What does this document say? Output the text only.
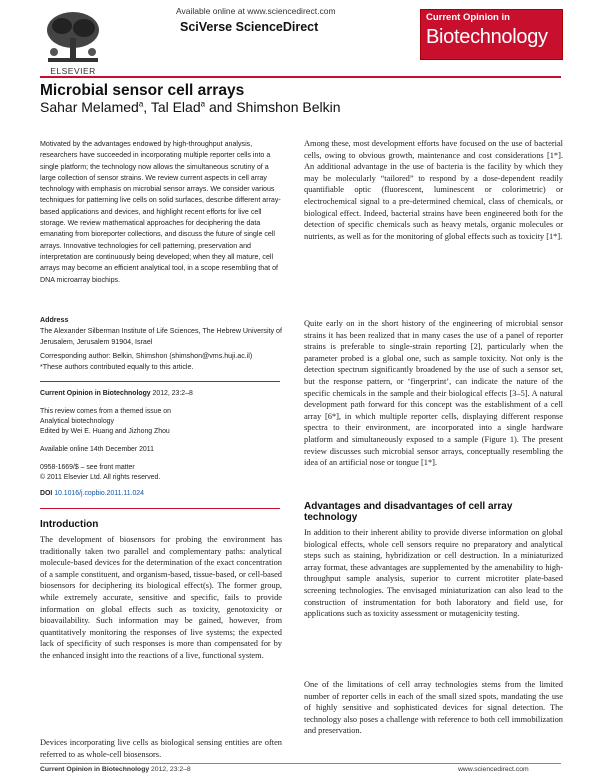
ELSEVIER
Available online at www.sciencedirect.com
SciVerse ScienceDirect
Current Opinion in
Biotechnology
Microbial sensor cell arrays
Sahar Melamed$^a$, Tal Elad$^a$ and Shimshon Belkin
Motivated by the advantages endowed by high-throughput analysis, researchers have succeeded in incorporating multiple reporter cells into a single platform; the technology now allows the simultaneous scrutiny of a large collection of sensor strains. We review current aspects in cell array technology with emphasis on microbial sensor arrays. We consider various techniques for patterning live cells on solid surfaces, describe different array-based applications and devices, and highlight recent efforts for live cell storage. We review mathematical approaches for deciphering the data emanating from bioreporter collections, and discuss the future of single cell arrays. Innovative technologies for cell patterning, preservation and interpretation are continuously being developed; when they all mature, cell arrays may become an efficient analytical tool, in a scope resembling that of DNA microarray biochips.
Address
The Alexander Silberman Institute of Life Sciences, The Hebrew University of Jerusalem, Jerusalem 91904, Israel
Corresponding author: Belkin, Shimshon (shimshon@vms.huji.ac.il)
*These authors contributed equally to this article.
Current Opinion in Biotechnology 2012, 23:2–8
This review comes from a themed issue on
Analytical biotechnology
Edited by Wei E. Huang and Jizhong Zhou
Available online 14th December 2011
0958-1669/$ – see front matter
© 2011 Elsevier Ltd. All rights reserved.
DOI 10.1016/j.copbio.2011.11.024
Introduction
The development of biosensors for probing the environment has traditionally taken two parallel and complementary paths: analytical molecule-based devices for the determination of the exact concentration of a sample constituent, and organism-based, tissue-based, or cell-based biosensors for deciphering its biological effect(s). The former group, while extremely accurate, sensitive and specific, fails to provide information on global effects such as toxicity, genotoxicity or bioavailability. Such information may be gained, however, from quantitatively monitoring the responses of live systems; the expected lack of specificity of such responses is more than compensated for by the enhanced insight into the reactions of a live, functional system.
Devices incorporating live cells as biological sensing entities are often referred to as whole-cell biosensors.
Among these, most development efforts have focused on the use of bacterial cells, owing to obvious growth, maintenance and cost considerations [1*]. An additional advantage in the use of bacteria is the facility by which they may be molecularly “tailored” to respond by a dose-dependent readily quantifiable optic (fluorescent, luminescent or colorimetric) or electrochemical signal to a pre-determined chemical, class of chemicals, or biological effect. Indeed, bacterial strains have been engineered both for the detection of specific chemicals such as heavy metals, organic molecules or nutrients, as well as for the monitoring of global effects such as toxicity [1*].
Quite early on in the short history of the engineering of microbial sensor strains it has been realized that in many cases the use of a panel of reporter strains is preferable to single-strain reporting [2], particularly when the parameter probed is a global one, such as sample toxicity. Not only is the detection spectrum significantly broadened by the use of such a sensor set, but the response pattern, or ‘fingerprint’, can indicate the nature of the specific chemicals in the sample and their biological effects [3–5]. A natural development path forward for this concept was the establishment of a cell array [6*], in which multiple reporter cells, displaying different response spectra to their environment, are incorporated into a single hardware platform and simultaneously exposed to a sample (Figure 1). The present review discusses such microbial sensor arrays, conceptually resembling the idea of an artificial nose or tongue [1*].
Advantages and disadvantages of cell array technology
In addition to their inherent ability to provide diverse information on global biological effects, whole cell sensors require no preparatory and analytical steps such as staining, hybridization or cell destruction. In a miniaturized array format, these advantages are supplemented by the amenability to high-throughput sample analysis, superior to current microtiter plate-based screening technologies. The envisaged miniaturization can also lead to the construction of instrumentation for both laboratory and field use, for applications such as toxicity assessment or mutagenicity testing.
One of the limitations of cell array technologies stems from the limited number of reporter cells in each of the small sized spots, mandating the use of highly sensitive and sophisticated devices for signal detection. The technology also poses a challenge with reference to both cell immobilization and preservation.
Current Opinion in Biotechnology 2012, 23:2–8	www.sciencedirect.com
